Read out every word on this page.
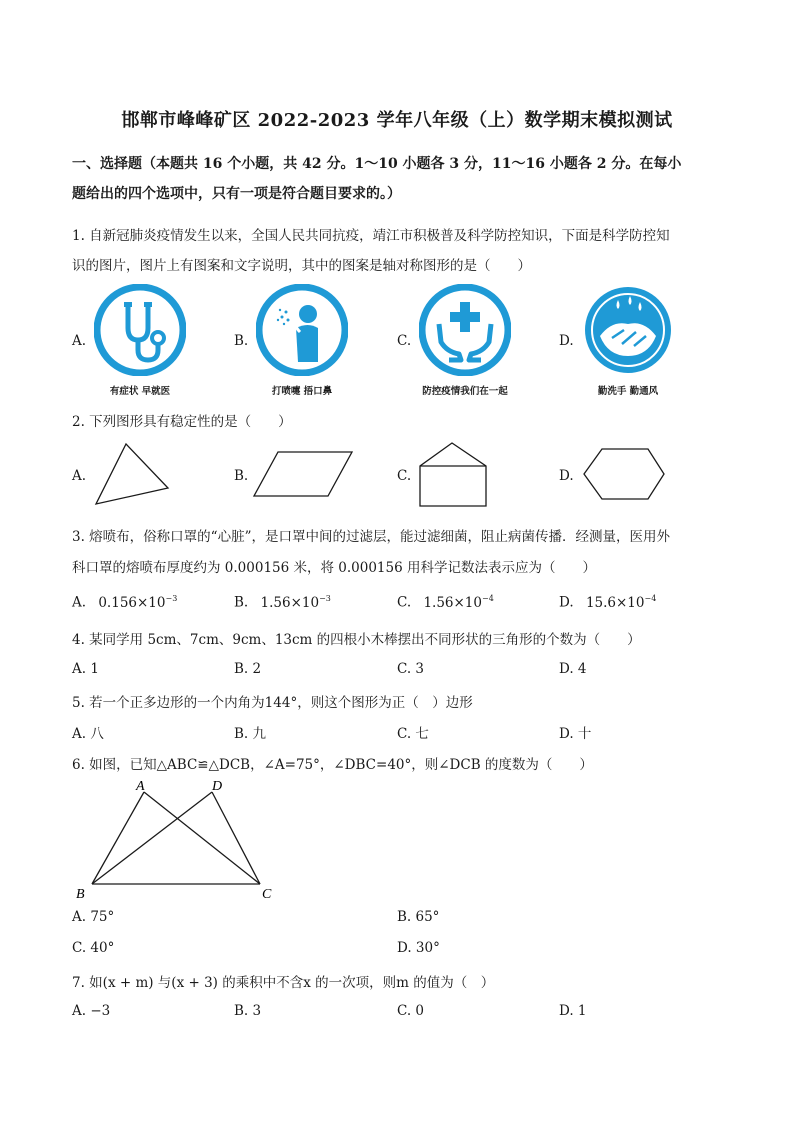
邯郸市峰峰矿区 2022-2023 学年八年级（上）数学期末模拟测试
一、选择题（本题共 16 个小题，共 42 分。1～10 小题各 3 分，11～16 小题各 2 分。在每小
题给出的四个选项中，只有一项是符合题目要求的。）
1. 自新冠肺炎疫情发生以来，全国人民共同抗疫，靖江市积极普及科学防控知识，下面是科学防控知
识的图片，图片上有图案和文字说明，其中的图案是轴对称图形的是（　　）
A.	B.	C.	D.
有症状 早就医	打喷嚏 捂口鼻	防控疫情我们在一起	勤洗手 勤通风
2. 下列图形具有稳定性的是（　　）
A.	B.	C.	D.
3. 熔喷布，俗称口罩的“心脏”，是口罩中间的过滤层，能过滤细菌，阻止病菌传播．经测量，医用外
科口罩的熔喷布厚度约为 0.000156 米，将 0.000156 用科学记数法表示应为（　　）
A. $0.156\times 10^{-3}$	B. $1.56\times 10^{-3}$	C. $1.56\times 10^{-4}$	D. $15.6\times 10^{-4}$
4. 某同学用 5cm、7cm、9cm、13cm 的四根小木棒摆出不同形状的三角形的个数为（　　）
A. 1	B. 2	C. 3	D. 4
5. 若一个正多边形的一个内角为144°，则这个图形为正（　）边形
A. 八	B. 九	C. 七	D. 十
6. 如图，已知△ABC≌△DCB，∠A=75°，∠DBC=40°，则∠DCB 的度数为（　　）
A	D
B	C
A. 75°	B. 65°
C. 40°	D. 30°
7. 如(x + m) 与(x + 3) 的乘积中不含x 的一次项，则m 的值为（　）
A. −3	B. 3	C. 0	D. 1
